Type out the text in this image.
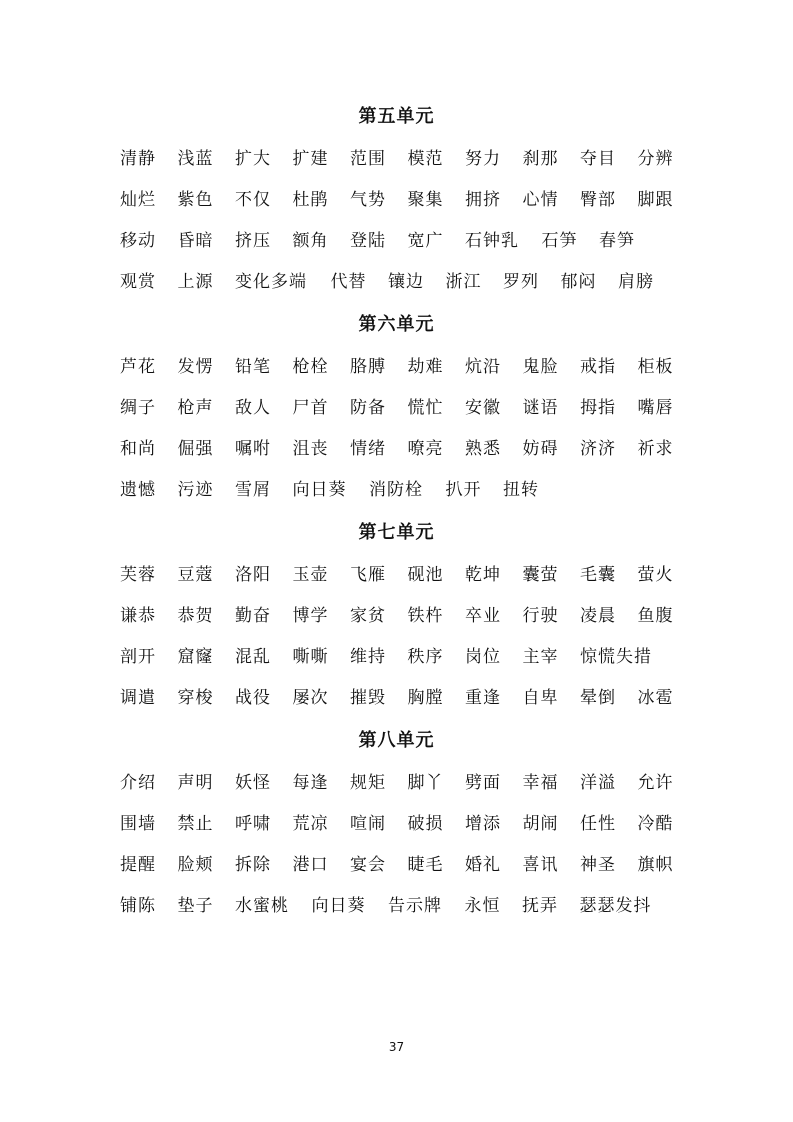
第五单元
清静 浅蓝 扩大 扩建 范围 模范 努力 刹那 夺目 分辨
灿烂 紫色 不仅 杜鹃 气势 聚集 拥挤 心情 臀部 脚跟
移动 昏暗 挤压 额角 登陆 宽广 石钟乳 石笋 春笋
观赏 上源 变化多端 代替 镶边 浙江 罗列 郁闷 肩膀
第六单元
芦花 发愣 铅笔 枪栓 胳膊 劫难 炕沿 鬼脸 戒指 柜板
绸子 枪声 敌人 尸首 防备 慌忙 安徽 谜语 拇指 嘴唇
和尚 倔强 嘱咐 沮丧 情绪 嘹亮 熟悉 妨碍 济济 祈求
遗憾 污迹 雪屑 向日葵 消防栓 扒开 扭转
第七单元
芙蓉 豆蔻 洛阳 玉壶 飞雁 砚池 乾坤 囊萤 毛囊 萤火
谦恭 恭贺 勤奋 博学 家贫 铁杵 卒业 行驶 凌晨 鱼腹
剖开 窟窿 混乱 嘶嘶 维持 秩序 岗位 主宰 惊慌失措
调遣 穿梭 战役 屡次 摧毁 胸膛 重逢 自卑 晕倒 冰雹
第八单元
介绍 声明 妖怪 每逢 规矩 脚丫 劈面 幸福 洋溢 允许
围墙 禁止 呼啸 荒凉 喧闹 破损 增添 胡闹 任性 冷酷
提醒 脸颊 拆除 港口 宴会 睫毛 婚礼 喜讯 神圣 旗帜
铺陈 垫子 水蜜桃 向日葵 告示牌 永恒 抚弄 瑟瑟发抖
37
